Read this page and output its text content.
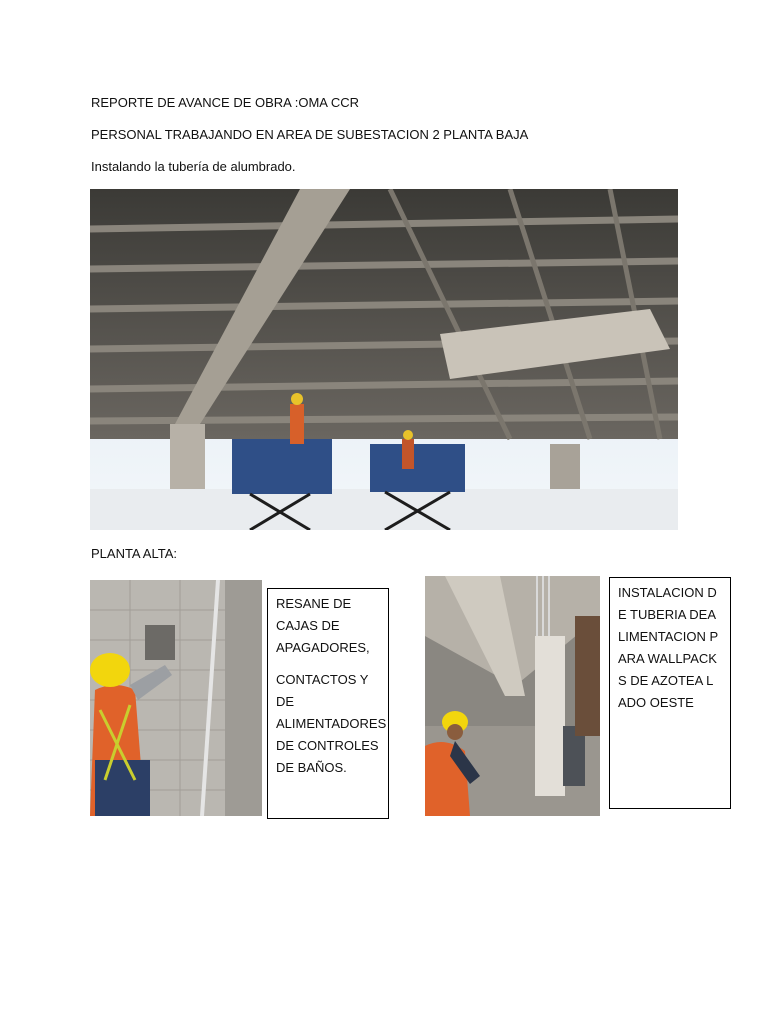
REPORTE DE AVANCE DE OBRA :OMA CCR
PERSONAL TRABAJANDO EN AREA DE SUBESTACION 2 PLANTA BAJA
Instalando la tubería de alumbrado.
PLANTA ALTA:

RESANE DE CAJAS DE APAGADORES,

CONTACTOS Y DE ALIMENTADORES DE CONTROLES DE BAÑOS.

INSTALACION DE TUBERIA DEALIMENTACION PARA WALLPACKS DE AZOTEA LADO OESTE
